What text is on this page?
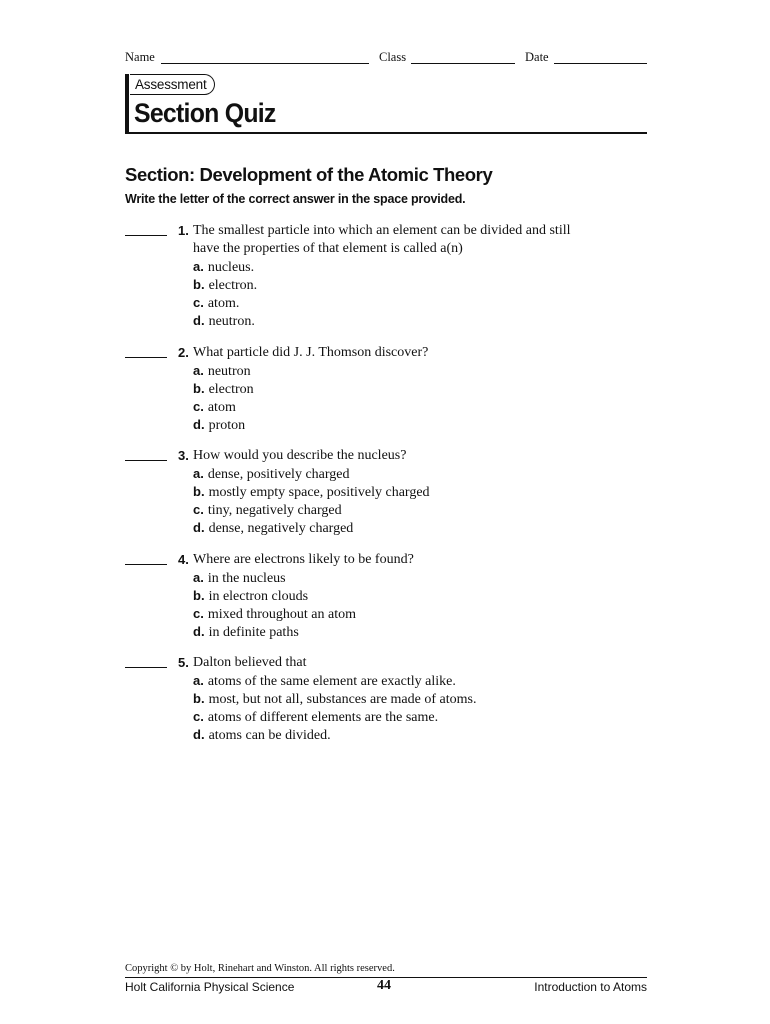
Name	Class	Date
Assessment
Section Quiz
Section: Development of the Atomic Theory
Write the letter of the correct answer in the space provided.
1. The smallest particle into which an element can be divided and still
have the properties of that element is called a(n)
a. nucleus.
b. electron.
c. atom.
d. neutron.
2. What particle did J. J. Thomson discover?
a. neutron
b. electron
c. atom
d. proton
3. How would you describe the nucleus?
a. dense, positively charged
b. mostly empty space, positively charged
c. tiny, negatively charged
d. dense, negatively charged
4. Where are electrons likely to be found?
a. in the nucleus
b. in electron clouds
c. mixed throughout an atom
d. in definite paths
5. Dalton believed that
a. atoms of the same element are exactly alike.
b. most, but not all, substances are made of atoms.
c. atoms of different elements are the same.
d. atoms can be divided.
Copyright © by Holt, Rinehart and Winston. All rights reserved.
Holt California Physical Science	44	Introduction to Atoms
